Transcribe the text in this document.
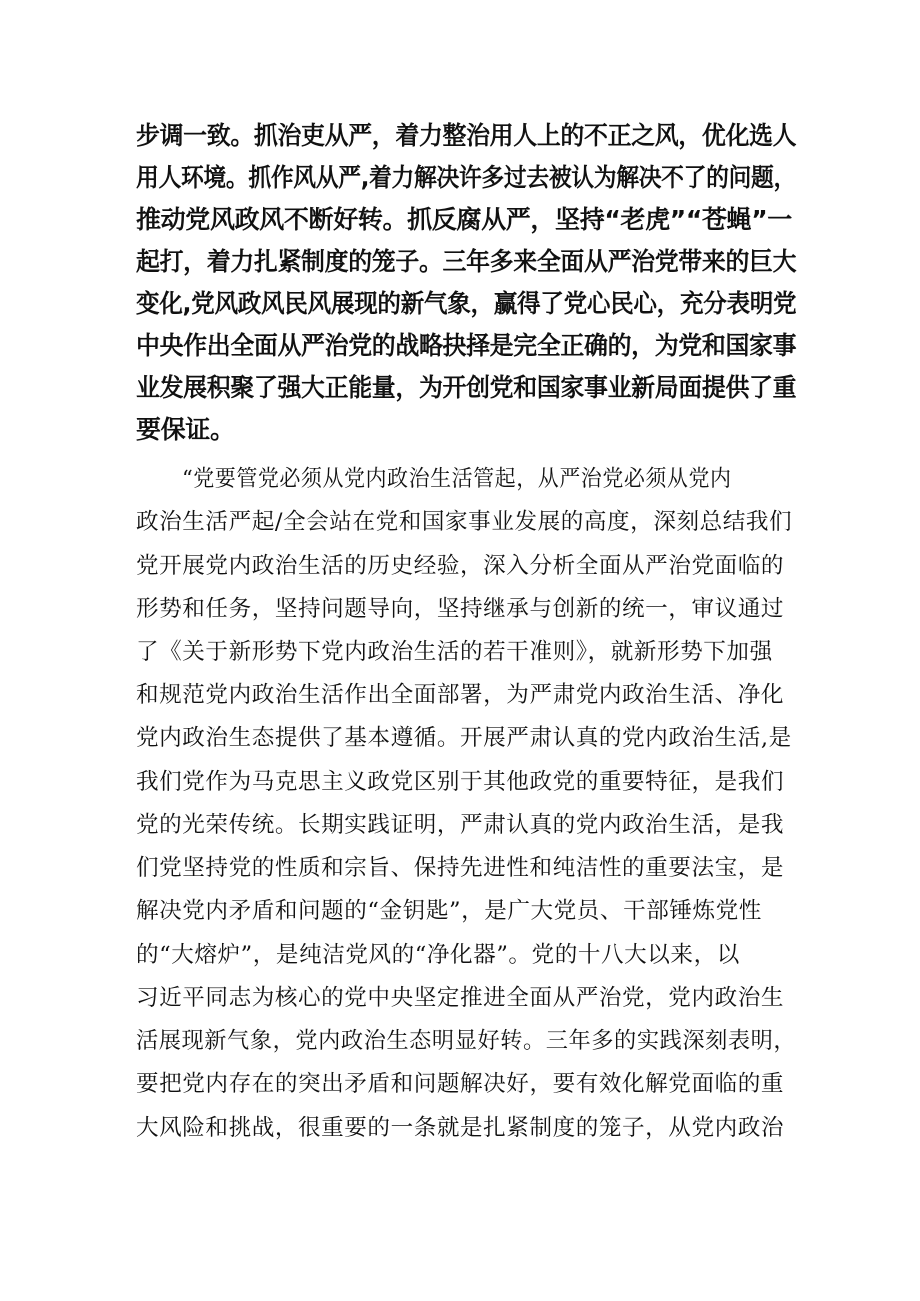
步调一致。抓治吏从严，着力整治用人上的不正之风，优化选人
用人环境。抓作风从严,着力解决许多过去被认为解决不了的问题，
推动党风政风不断好转。抓反腐从严，坚持“老虎”“苍蝇”一
起打，着力扎紧制度的笼子。三年多来全面从严治党带来的巨大
变化,党风政风民风展现的新气象，赢得了党心民心，充分表明党
中央作出全面从严治党的战略抉择是完全正确的，为党和国家事
业发展积聚了强大正能量，为开创党和国家事业新局面提供了重
要保证。
“党要管党必须从党内政治生活管起，从严治党必须从党内
政治生活严起/全会站在党和国家事业发展的高度，深刻总结我们
党开展党内政治生活的历史经验，深入分析全面从严治党面临的
形势和任务，坚持问题导向，坚持继承与创新的统一，审议通过
了《关于新形势下党内政治生活的若干准则》，就新形势下加强
和规范党内政治生活作出全面部署，为严肃党内政治生活、净化
党内政治生态提供了基本遵循。开展严肃认真的党内政治生活,是
我们党作为马克思主义政党区别于其他政党的重要特征，是我们
党的光荣传统。长期实践证明，严肃认真的党内政治生活，是我
们党坚持党的性质和宗旨、保持先进性和纯洁性的重要法宝，是
解决党内矛盾和问题的“金钥匙”，是广大党员、干部锤炼党性
的“大熔炉”，是纯洁党风的“净化器”。党的十八大以来，以
习近平同志为核心的党中央坚定推进全面从严治党，党内政治生
活展现新气象，党内政治生态明显好转。三年多的实践深刻表明，
要把党内存在的突出矛盾和问题解决好，要有效化解党面临的重
大风险和挑战，很重要的一条就是扎紧制度的笼子，从党内政治
